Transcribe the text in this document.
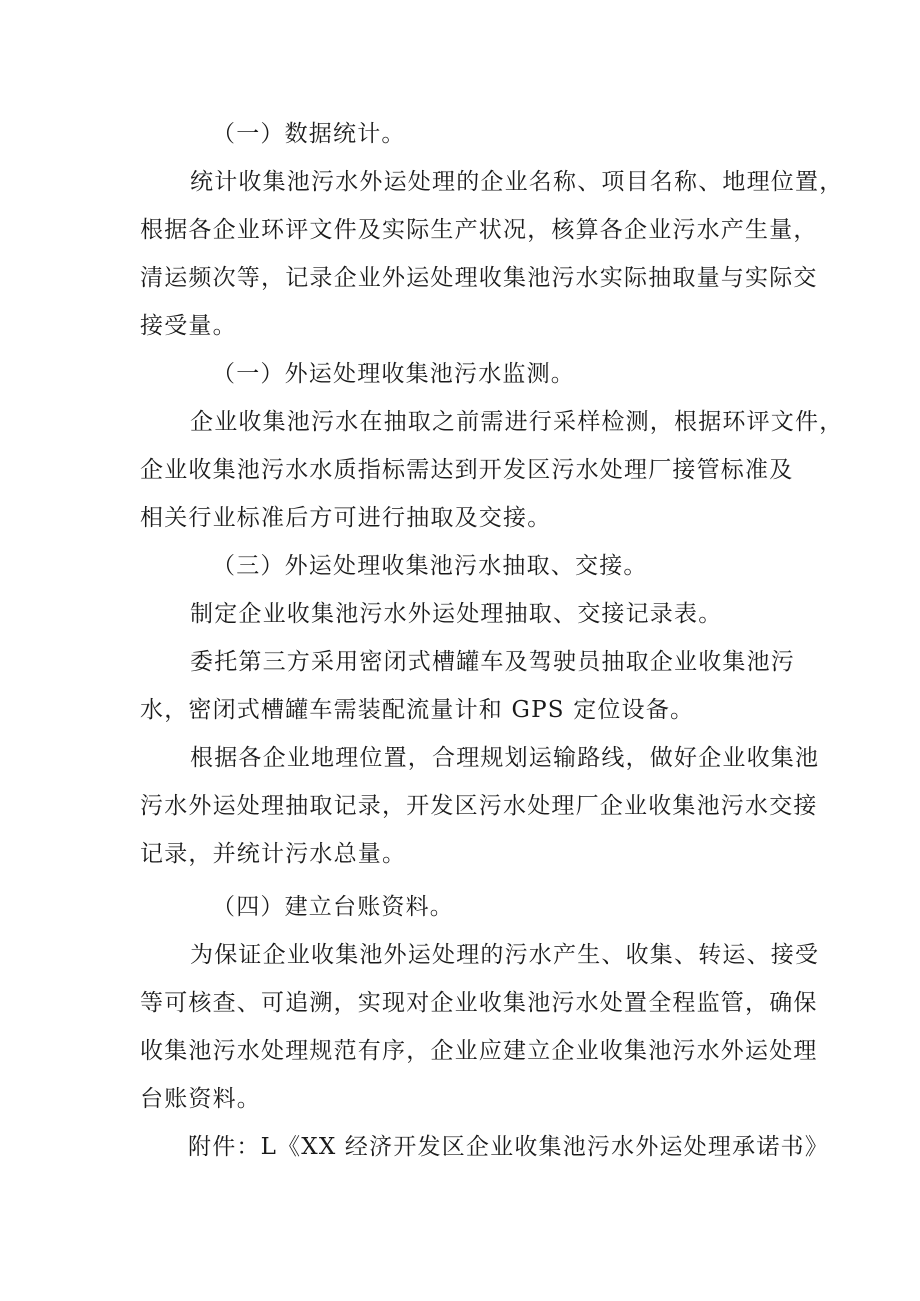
（一）数据统计。
统计收集池污水外运处理的企业名称、项目名称、地理位置，
根据各企业环评文件及实际生产状况，核算各企业污水产生量，
清运频次等，记录企业外运处理收集池污水实际抽取量与实际交
接受量。
（一）外运处理收集池污水监测。
企业收集池污水在抽取之前需进行采样检测，根据环评文件，
企业收集池污水水质指标需达到开发区污水处理厂接管标准及
相关行业标准后方可进行抽取及交接。
（三）外运处理收集池污水抽取、交接。
制定企业收集池污水外运处理抽取、交接记录表。
委托第三方采用密闭式槽罐车及驾驶员抽取企业收集池污
水，密闭式槽罐车需装配流量计和 GPS 定位设备。
根据各企业地理位置，合理规划运输路线，做好企业收集池
污水外运处理抽取记录，开发区污水处理厂企业收集池污水交接
记录，并统计污水总量。
（四）建立台账资料。
为保证企业收集池外运处理的污水产生、收集、转运、接受
等可核查、可追溯，实现对企业收集池污水处置全程监管，确保
收集池污水处理规范有序，企业应建立企业收集池污水外运处理
台账资料。
附件：L《XX 经济开发区企业收集池污水外运处理承诺书》
